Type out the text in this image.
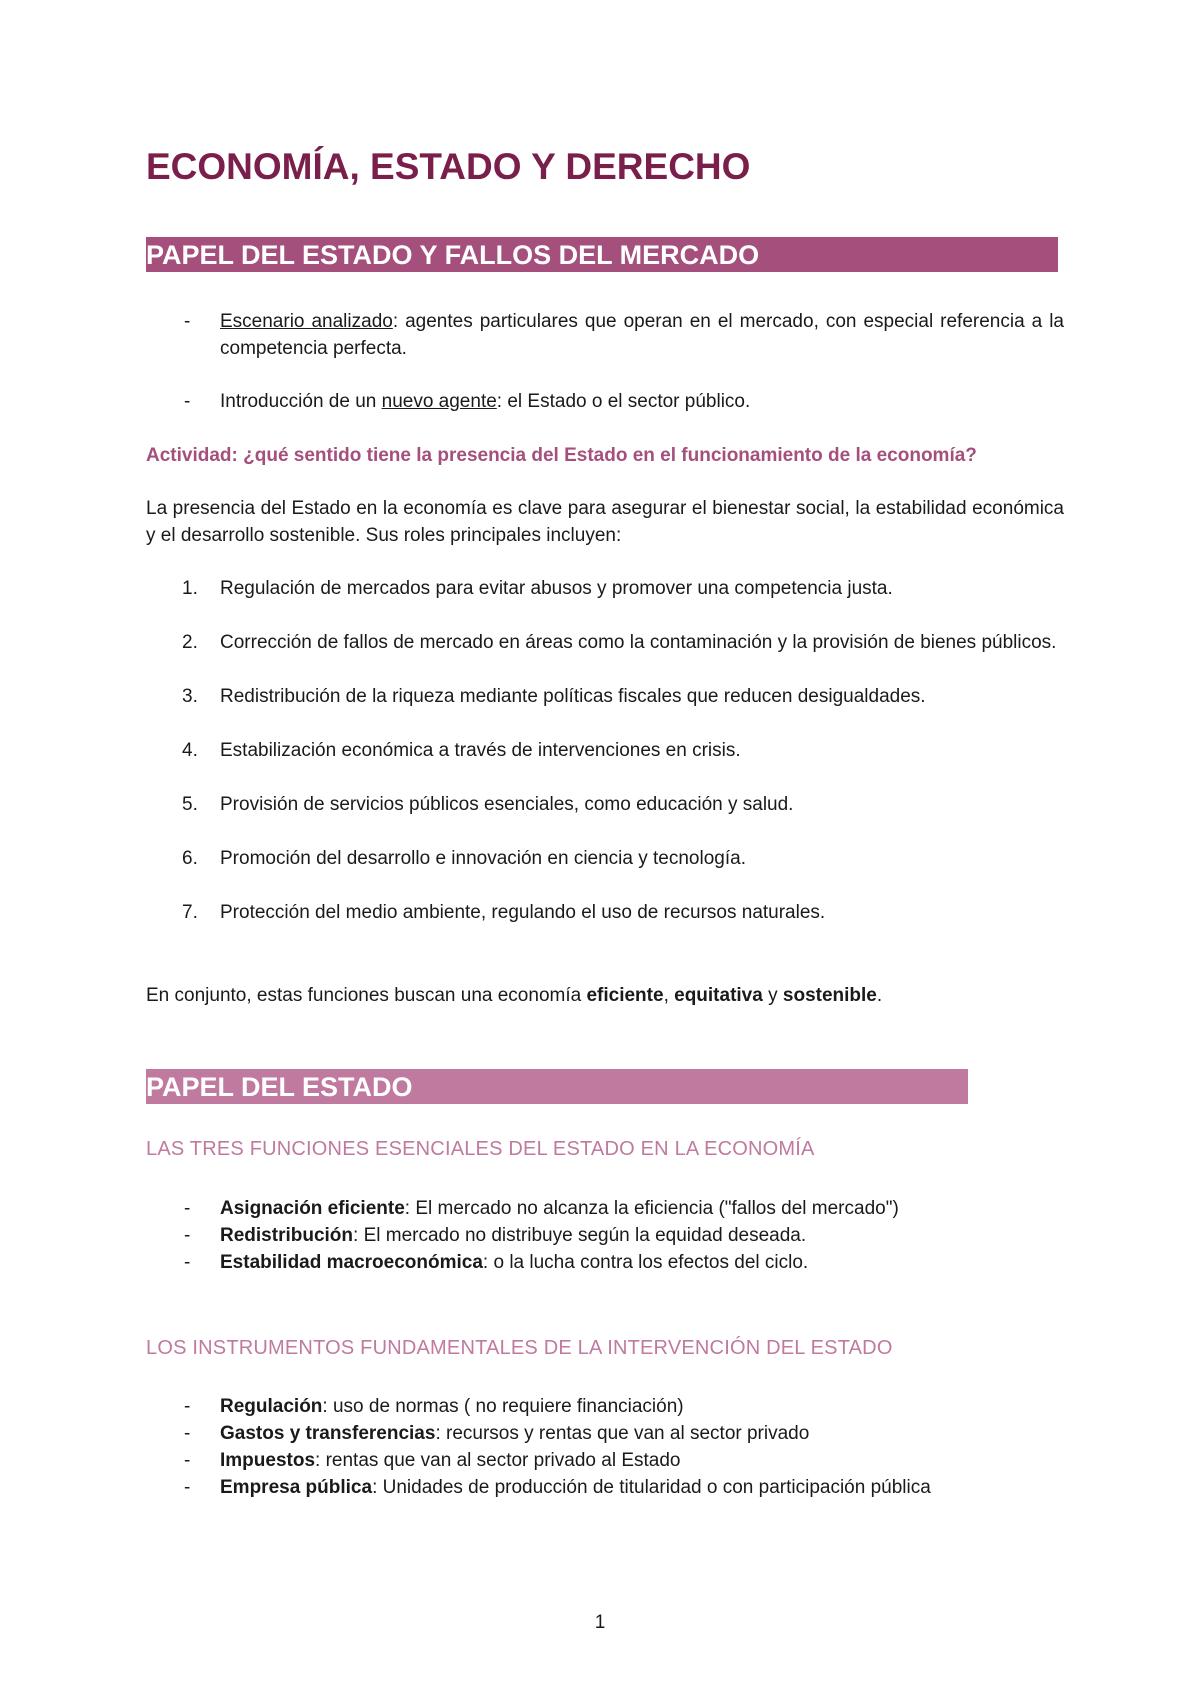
ECONOMÍA, ESTADO Y DERECHO
PAPEL DEL ESTADO Y FALLOS DEL MERCADO
- Escenario analizado: agentes particulares que operan en el mercado, con especial referencia a la competencia perfecta.
- Introducción de un nuevo agente: el Estado o el sector público.
Actividad: ¿qué sentido tiene la presencia del Estado en el funcionamiento de la economía?
La presencia del Estado en la economía es clave para asegurar el bienestar social, la estabilidad económica y el desarrollo sostenible. Sus roles principales incluyen:
1. Regulación de mercados para evitar abusos y promover una competencia justa.
2. Corrección de fallos de mercado en áreas como la contaminación y la provisión de bienes públicos.
3. Redistribución de la riqueza mediante políticas fiscales que reducen desigualdades.
4. Estabilización económica a través de intervenciones en crisis.
5. Provisión de servicios públicos esenciales, como educación y salud.
6. Promoción del desarrollo e innovación en ciencia y tecnología.
7. Protección del medio ambiente, regulando el uso de recursos naturales.
En conjunto, estas funciones buscan una economía eficiente, equitativa y sostenible.
PAPEL DEL ESTADO
LAS TRES FUNCIONES ESENCIALES DEL ESTADO EN LA ECONOMÍA
- Asignación eficiente: El mercado no alcanza la eficiencia ("fallos del mercado")
- Redistribución: El mercado no distribuye según la equidad deseada.
- Estabilidad macroeconómica: o la lucha contra los efectos del ciclo.
LOS INSTRUMENTOS FUNDAMENTALES DE LA INTERVENCIÓN DEL ESTADO
- Regulación: uso de normas ( no requiere financiación)
- Gastos y transferencias: recursos y rentas que van al sector privado
- Impuestos: rentas que van al sector privado al Estado
- Empresa pública: Unidades de producción de titularidad o con participación pública
1
